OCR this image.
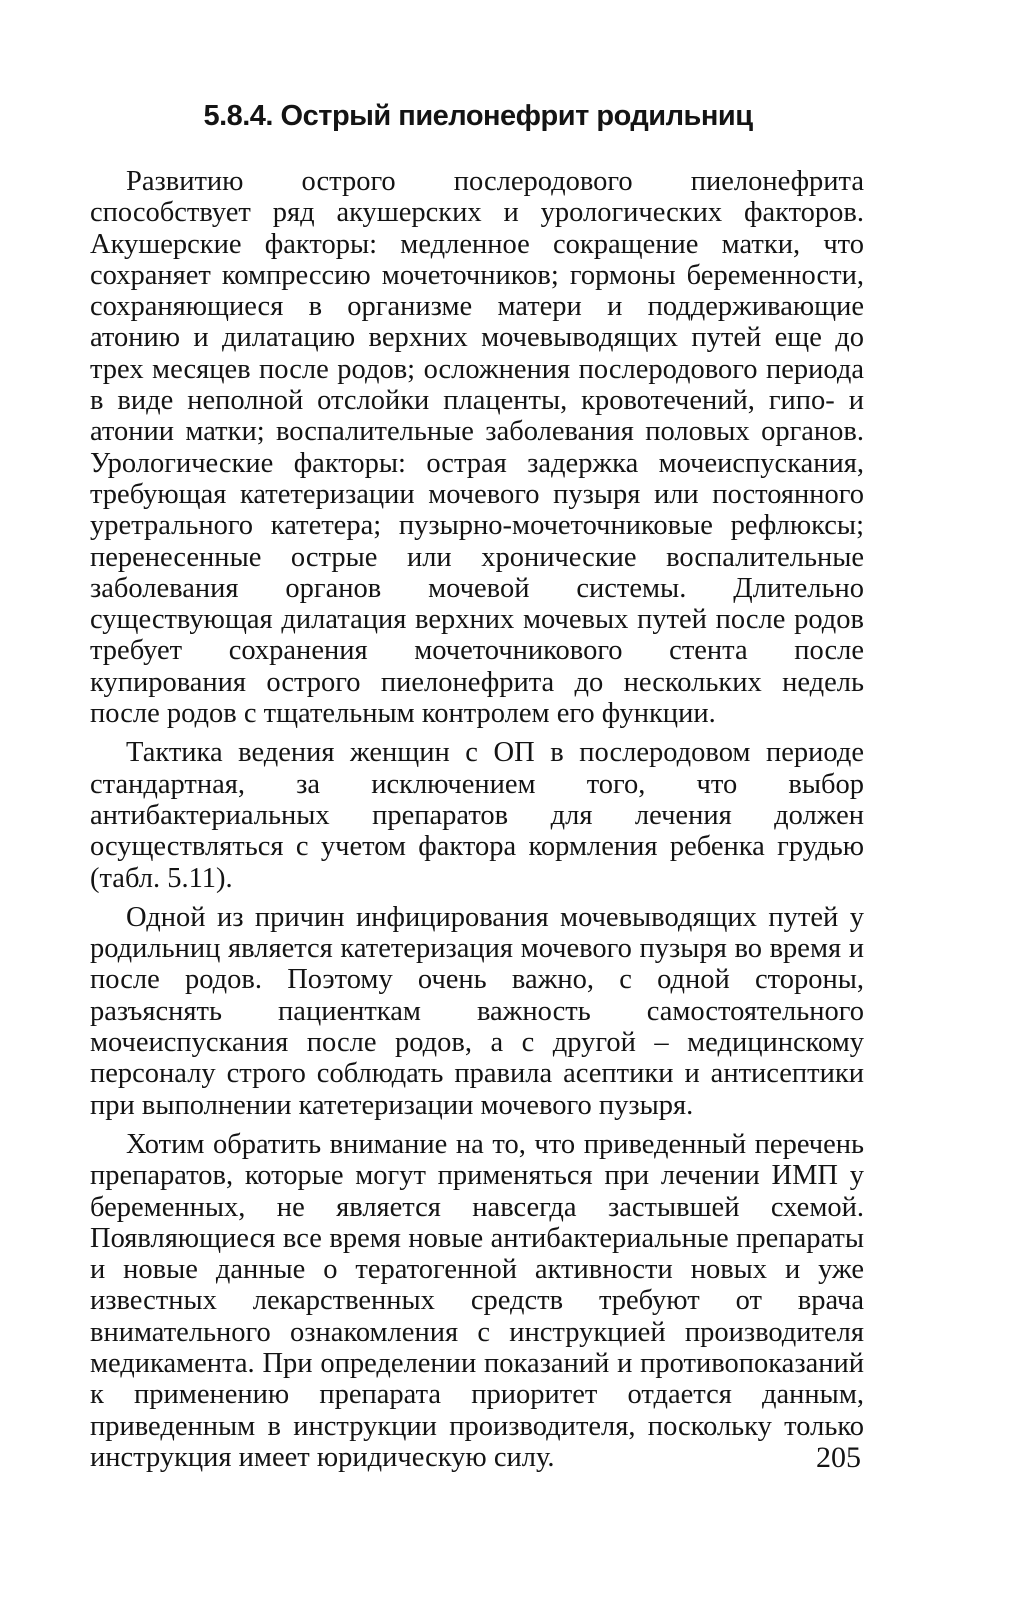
5.8.4. Острый пиелонефрит родильниц

Развитию острого послеродового пиелонефрита способствует ряд акушерских и урологических факторов. Акушерские факторы: медленное сокращение матки, что сохраняет компрессию мочеточников; гормоны беременности, сохраняющиеся в организме матери и поддерживающие атонию и дилатацию верхних мочевыводящих путей еще до трех месяцев после родов; осложнения послеродового периода в виде неполной отслойки плаценты, кровотечений, гипо- и атонии матки; воспалительные заболевания половых органов. Урологические факторы: острая задержка мочеиспускания, требующая катетеризации мочевого пузыря или постоянного уретрального катетера; пузырно-мочеточниковые рефлюксы; перенесенные острые или хронические воспалительные заболевания органов мочевой системы. Длительно существующая дилатация верхних мочевых путей после родов требует сохранения мочеточникового стента после купирования острого пиелонефрита до нескольких недель после родов с тщательным контролем его функции.

Тактика ведения женщин с ОП в послеродовом периоде стандартная, за исключением того, что выбор антибактериальных препаратов для лечения должен осуществляться с учетом фактора кормления ребенка грудью (табл. 5.11).

Одной из причин инфицирования мочевыводящих путей у родильниц является катетеризация мочевого пузыря во время и после родов. Поэтому очень важно, с одной стороны, разъяснять пациенткам важность самостоятельного мочеиспускания после родов, а с другой – медицинскому персоналу строго соблюдать правила асептики и антисептики при выполнении катетеризации мочевого пузыря.

Хотим обратить внимание на то, что приведенный перечень препаратов, которые могут применяться при лечении ИМП у беременных, не является навсегда застывшей схемой. Появляющиеся все время новые антибактериальные препараты и новые данные о тератогенной активности новых и уже известных лекарственных средств требуют от врача внимательного ознакомления с инструкцией производителя медикамента. При определении показаний и противопоказаний к применению препарата приоритет отдается данным, приведенным в инструкции производителя, поскольку только инструкция имеет юридическую силу.	205
